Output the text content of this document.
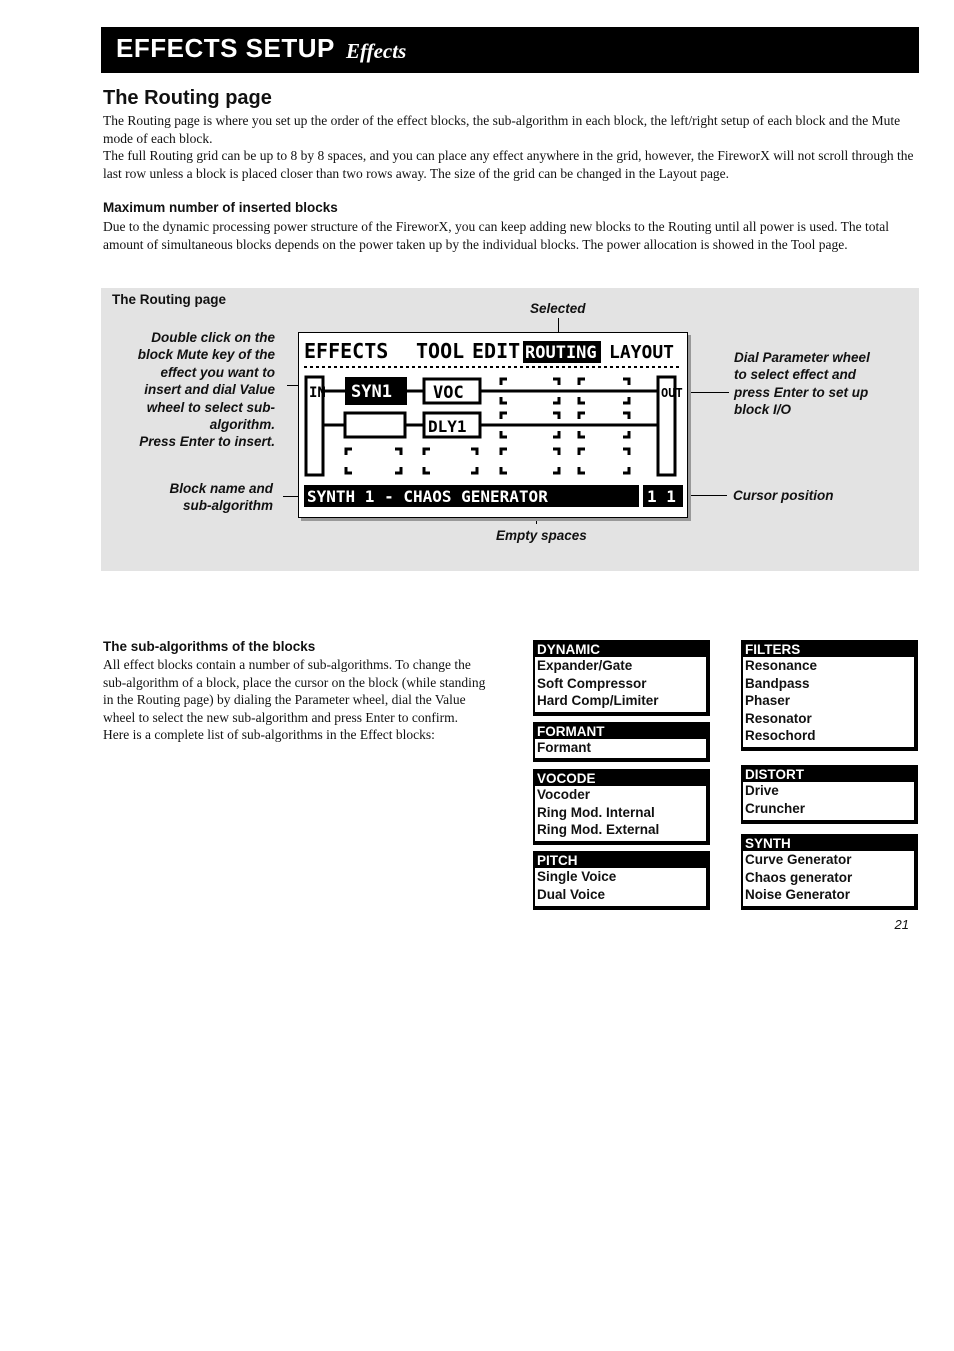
EFFECTS SETUP Effects
The Routing page
The Routing page is where you set up the order of the effect blocks, the sub-algorithm in each block, the left/right setup of each block and the Mute mode of each block.
The full Routing grid can be up to 8 by 8 spaces, and you can place any effect anywhere in the grid, however, the FireworX will not scroll through the last row unless a block is placed closer than two rows away. The size of the grid can be changed in the Layout page.
Maximum number of inserted blocks
Due to the dynamic processing power structure of the FireworX, you can keep adding new blocks to the Routing until all power is used. The total amount of simultaneous blocks depends on the power taken up by the individual blocks. The power allocation is showed in the Tool page.
The Routing page
Selected
Double click on the
block Mute key of the
effect you want to
insert and dial Value
wheel to select sub-
algorithm.
Press Enter to insert.
Block name and
sub-algorithm
Dial Parameter wheel
to select effect and
press Enter to set up
block I/O
Cursor position
Empty spaces
EFFECTS TOOL EDIT ROUTING LAYOUT
IN	OUT
SYN1 VOC
DLY1
SYNTH 1 - CHAOS GENERATOR	1 1
The sub-algorithms of the blocks
All effect blocks contain a number of sub-algorithms. To change the sub-algorithm of a block, place the cursor on the block (while standing in the Routing page) by dialing the Parameter wheel, dial the Value wheel to select the new sub-algorithm and press Enter to confirm.
Here is a complete list of sub-algorithms in the Effect blocks:
DYNAMIC
Expander/Gate
Soft Compressor
Hard Comp/Limiter
FORMANT
Formant
VOCODE
Vocoder
Ring Mod. Internal
Ring Mod. External
PITCH
Single Voice
Dual Voice
FILTERS
Resonance
Bandpass
Phaser
Resonator
Resochord
DISTORT
Drive
Cruncher
SYNTH
Curve Generator
Chaos generator
Noise Generator
21
